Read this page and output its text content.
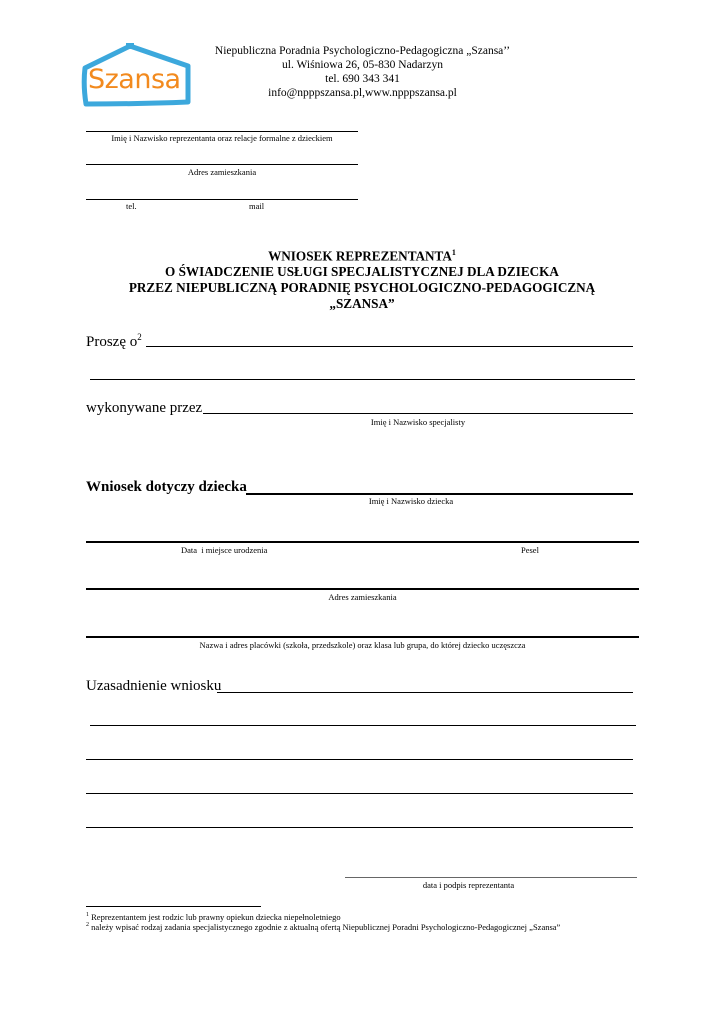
Szansa
Niepubliczna Poradnia Psychologiczno-Pedagogiczna „Szansa’’
ul. Wiśniowa 26, 05-830 Nadarzyn
tel. 690 343 341
info@npppszansa.pl,www.npppszansa.pl
Imię i Nazwisko reprezentanta oraz relacje formalne z dzieckiem
Adres zamieszkania
tel.	mail
WNIOSEK REPREZENTANTA$^1$
O ŚWIADCZENIE USŁUGI SPECJALISTYCZNEJ DLA DZIECKA
PRZEZ NIEPUBLICZNĄ PORADNIĘ PSYCHOLOGICZNO-PEDAGOGICZNĄ
„SZANSA”
Proszę $o^2$
wykonywane przez
Imię i Nazwisko specjalisty
Wniosek dotyczy dziecka
Imię i Nazwisko dziecka
Data  i miejsce urodzenia	Pesel
Adres zamieszkania
Nazwa i adres placówki (szkoła, przedszkole) oraz klasa lub grupa, do której dziecko uczęszcza
Uzasadnienie wniosku
data i podpis reprezentanta
$^1$ Reprezentantem jest rodzic lub prawny opiekun dziecka niepełnoletniego
$^2$ należy wpisać rodzaj zadania specjalistycznego zgodnie z aktualną ofertą Niepublicznej Poradni Psychologiczno-Pedagogicznej „Szansa”
